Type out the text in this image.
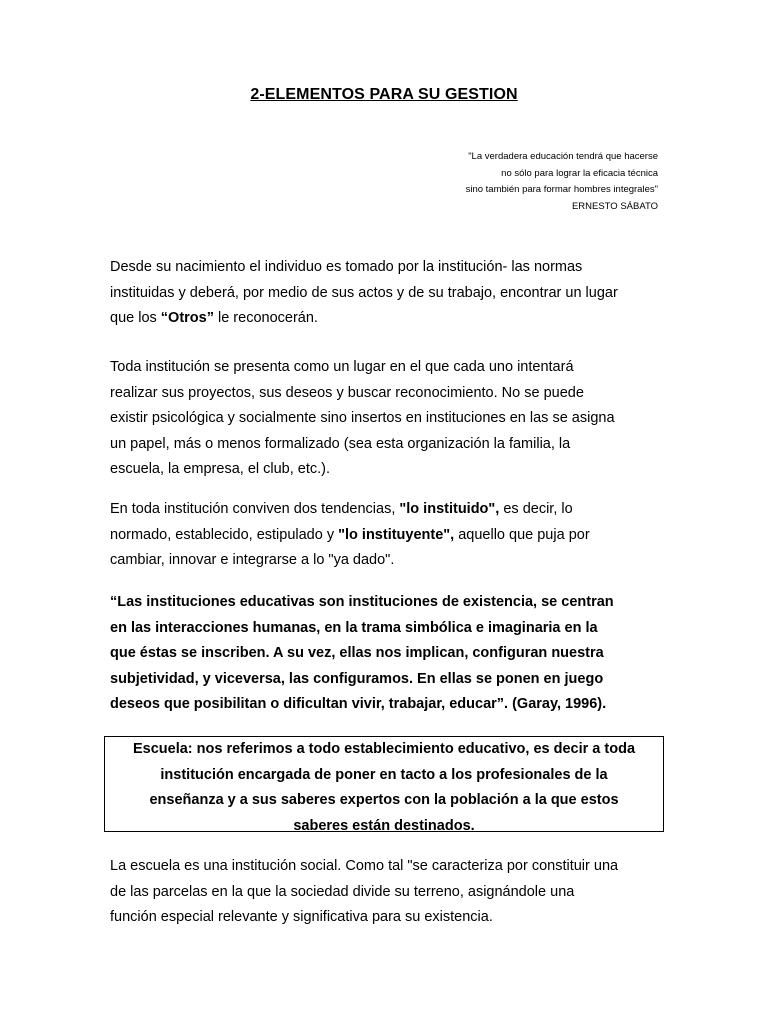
2-ELEMENTOS PARA SU GESTION
"La verdadera educación tendrá que hacerse
no sólo para lograr la eficacia técnica
sino también para formar hombres integrales"
ERNESTO SÁBATO
Desde su nacimiento el individuo es tomado por la institución- las normas
instituidas y deberá, por medio de sus actos y de su trabajo, encontrar un lugar
que los “Otros” le reconocerán.
Toda institución se presenta como un lugar en el que cada uno intentará
realizar sus proyectos, sus deseos y buscar reconocimiento. No se puede
existir psicológica y socialmente sino insertos en instituciones en las se asigna
un papel, más o menos formalizado (sea esta organización la familia, la
escuela, la empresa, el club, etc.).
En toda institución conviven dos tendencias, "lo instituido", es decir, lo
normado, establecido, estipulado y "lo instituyente", aquello que puja por
cambiar, innovar e integrarse a lo "ya dado".
“Las instituciones educativas son instituciones de existencia, se centran
en las interacciones humanas, en la trama simbólica e imaginaria en la
que éstas se inscriben. A su vez, ellas nos implican, configuran nuestra
subjetividad, y viceversa, las configuramos. En ellas se ponen en juego
deseos que posibilitan o dificultan vivir, trabajar, educar”. (Garay, 1996).
Escuela: nos referimos a todo establecimiento educativo, es decir a toda
institución encargada de poner en tacto a los profesionales de la
enseñanza y a sus saberes expertos con la población a la que estos
saberes están destinados.
La escuela es una institución social. Como tal "se caracteriza por constituir una
de las parcelas en la que la sociedad divide su terreno, asignándole una
función especial relevante y significativa para su existencia.
